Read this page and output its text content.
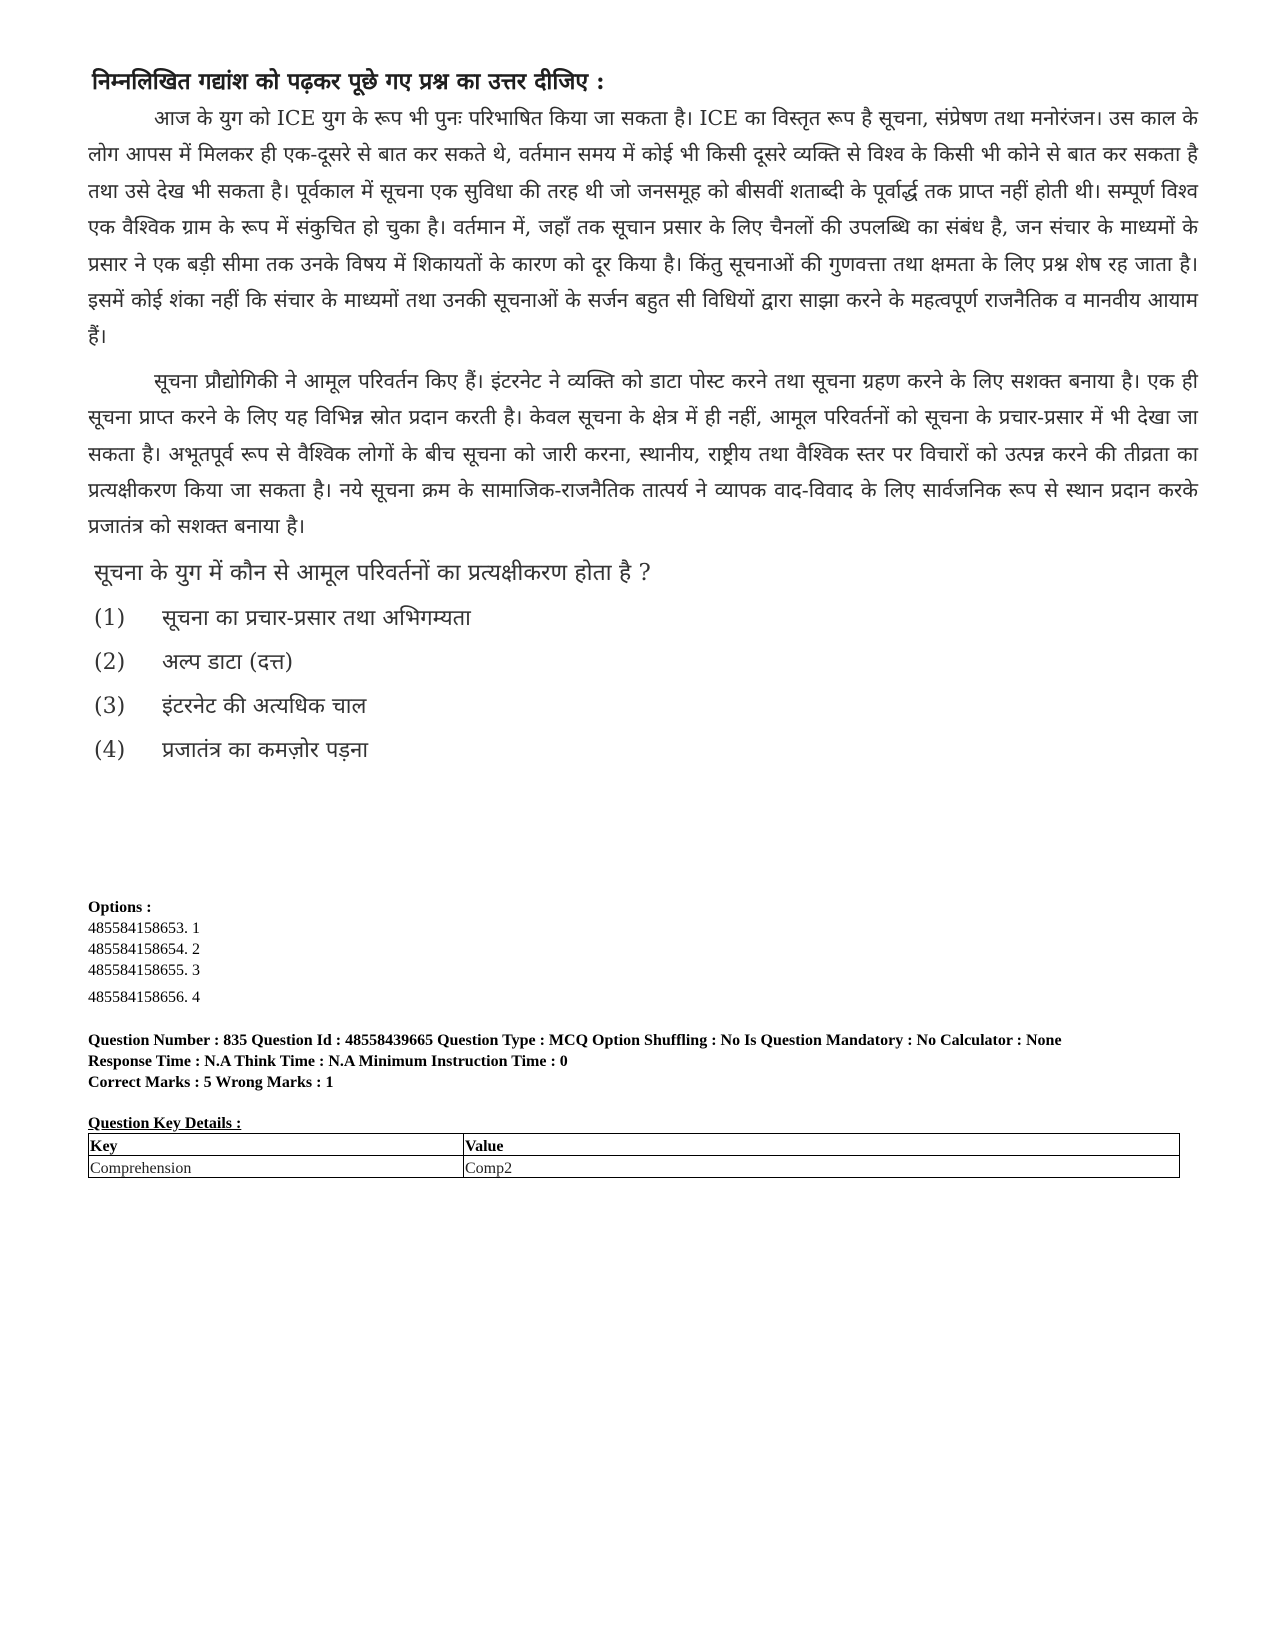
निम्नलिखित गद्यांश को पढ़कर पूछे गए प्रश्न का उत्तर दीजिए :

आज के युग को ICE युग के रूप भी पुनः परिभाषित किया जा सकता है। ICE का विस्तृत रूप है सूचना, संप्रेषण तथा मनोरंजन। उस काल के लोग आपस में मिलकर ही एक-दूसरे से बात कर सकते थे, वर्तमान समय में कोई भी किसी दूसरे व्यक्ति से विश्व के किसी भी कोने से बात कर सकता है तथा उसे देख भी सकता है। पूर्वकाल में सूचना एक सुविधा की तरह थी जो जनसमूह को बीसवीं शताब्दी के पूर्वार्द्ध तक प्राप्त नहीं होती थी। सम्पूर्ण विश्व एक वैश्विक ग्राम के रूप में संकुचित हो चुका है। वर्तमान में, जहाँ तक सूचान प्रसार के लिए चैनलों की उपलब्धि का संबंध है, जन संचार के माध्यमों के प्रसार ने एक बड़ी सीमा तक उनके विषय में शिकायतों के कारण को दूर किया है। किंतु सूचनाओं की गुणवत्ता तथा क्षमता के लिए प्रश्न शेष रह जाता है। इसमें कोई शंका नहीं कि संचार के माध्यमों तथा उनकी सूचनाओं के सर्जन बहुत सी विधियों द्वारा साझा करने के महत्वपूर्ण राजनैतिक व मानवीय आयाम हैं।

सूचना प्रौद्योगिकी ने आमूल परिवर्तन किए हैं। इंटरनेट ने व्यक्ति को डाटा पोस्ट करने तथा सूचना ग्रहण करने के लिए सशक्त बनाया है। एक ही सूचना प्राप्त करने के लिए यह विभिन्न स्रोत प्रदान करती है। केवल सूचना के क्षेत्र में ही नहीं, आमूल परिवर्तनों को सूचना के प्रचार-प्रसार में भी देखा जा सकता है। अभूतपूर्व रूप से वैश्विक लोगों के बीच सूचना को जारी करना, स्थानीय, राष्ट्रीय तथा वैश्विक स्तर पर विचारों को उत्पन्न करने की तीव्रता का प्रत्यक्षीकरण किया जा सकता है। नये सूचना क्रम के सामाजिक-राजनैतिक तात्पर्य ने व्यापक वाद-विवाद के लिए सार्वजनिक रूप से स्थान प्रदान करके प्रजातंत्र को सशक्त बनाया है।

सूचना के युग में कौन से आमूल परिवर्तनों का प्रत्यक्षीकरण होता है ?
(1)	सूचना का प्रचार-प्रसार तथा अभिगम्यता
(2)	अल्प डाटा (दत्त)
(3)	इंटरनेट की अत्यधिक चाल
(4)	प्रजातंत्र का कमज़ोर पड़ना
Options :
485584158653. 1
485584158654. 2
485584158655. 3
485584158656. 4
Question Number : 835 Question Id : 48558439665 Question Type : MCQ Option Shuffling : No Is Question Mandatory : No Calculator : None
Response Time : N.A Think Time : N.A Minimum Instruction Time : 0
Correct Marks : 5 Wrong Marks : 1
Question Key Details :
Key	Value
Comprehension	Comp2
